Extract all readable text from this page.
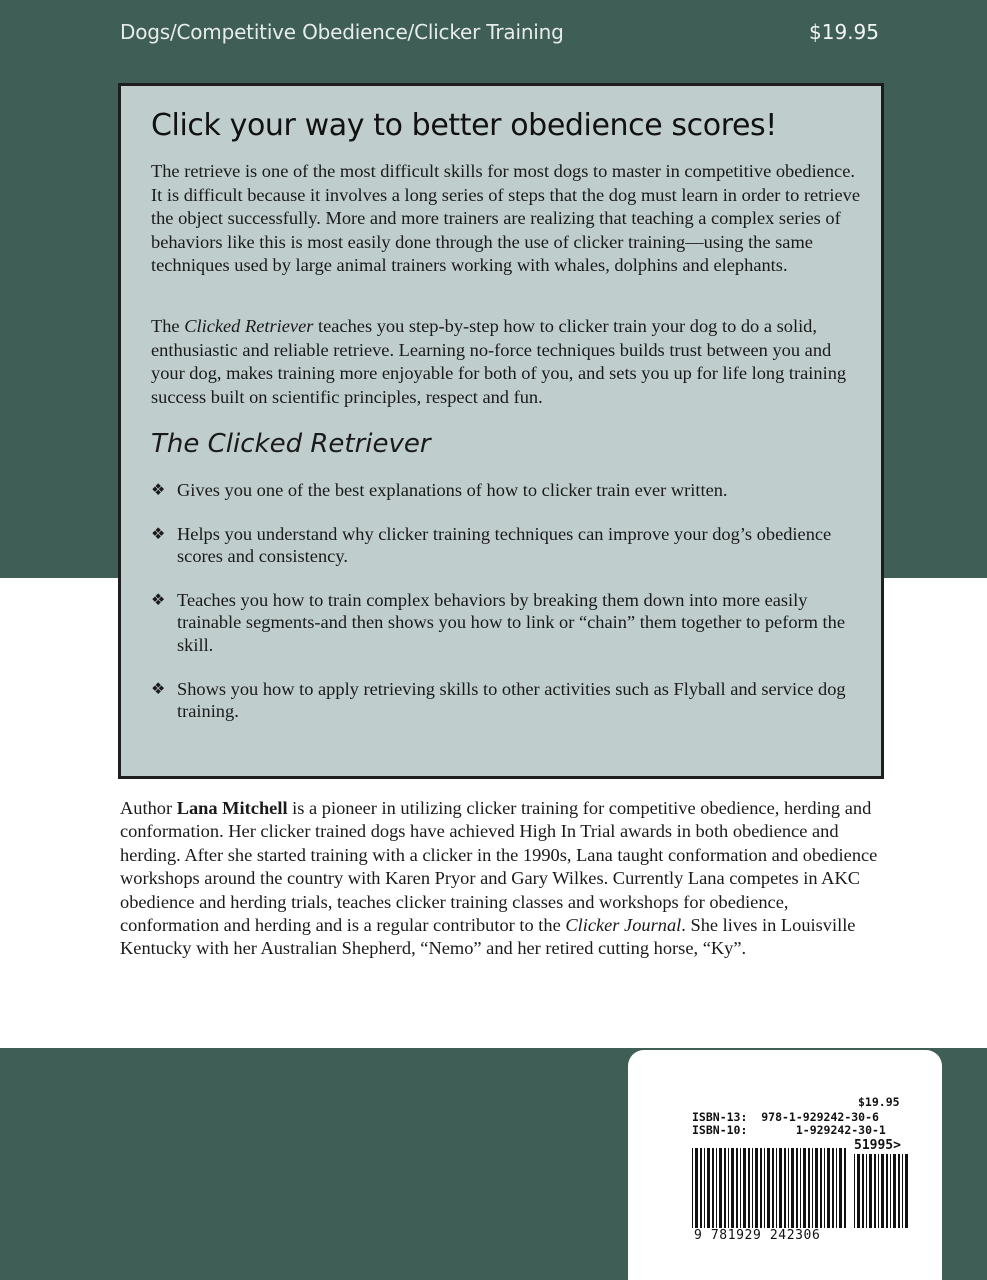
Dogs/Competitive Obedience/Clicker Training	$19.95
Click your way to better obedience scores!
The retrieve is one of the most difficult skills for most dogs to master in competitive obedience. It is difficult because it involves a long series of steps that the dog must learn in order to retrieve the object successfully. More and more trainers are realizing that teaching a complex series of behaviors like this is most easily done through the use of clicker training—using the same techniques used by large animal trainers working with whales, dolphins and elephants.
The Clicked Retriever teaches you step-by-step how to clicker train your dog to do a solid, enthusiastic and reliable retrieve. Learning no-force techniques builds trust between you and your dog, makes training more enjoyable for both of you, and sets you up for life long training success built on scientific principles, respect and fun.
The Clicked Retriever
❖ Gives you one of the best explanations of how to clicker train ever written.
❖ Helps you understand why clicker training techniques can improve your dog’s obedience scores and consistency.
❖ Teaches you how to train complex behaviors by breaking them down into more easily trainable segments-and then shows you how to link or “chain” them together to peform the skill.
❖ Shows you how to apply retrieving skills to other activities such as Flyball and service dog training.
Author Lana Mitchell is a pioneer in utilizing clicker training for competitive obedience, herding and conformation. Her clicker trained dogs have achieved High In Trial awards in both obedience and herding. After she started training with a clicker in the 1990s, Lana taught conformation and obedience workshops around the country with Karen Pryor and Gary Wilkes. Currently Lana competes in AKC obedience and herding trials, teaches clicker training classes and workshops for obedience, conformation and herding and is a regular contributor to the Clicker Journal. She lives in Louisville Kentucky with her Australian Shepherd, “Nemo” and her retired cutting horse, “Ky”.
$19.95
ISBN-13:  978-1-929242-30-6
ISBN-10:       1-929242-30-1
51995>
9 781929 242306
